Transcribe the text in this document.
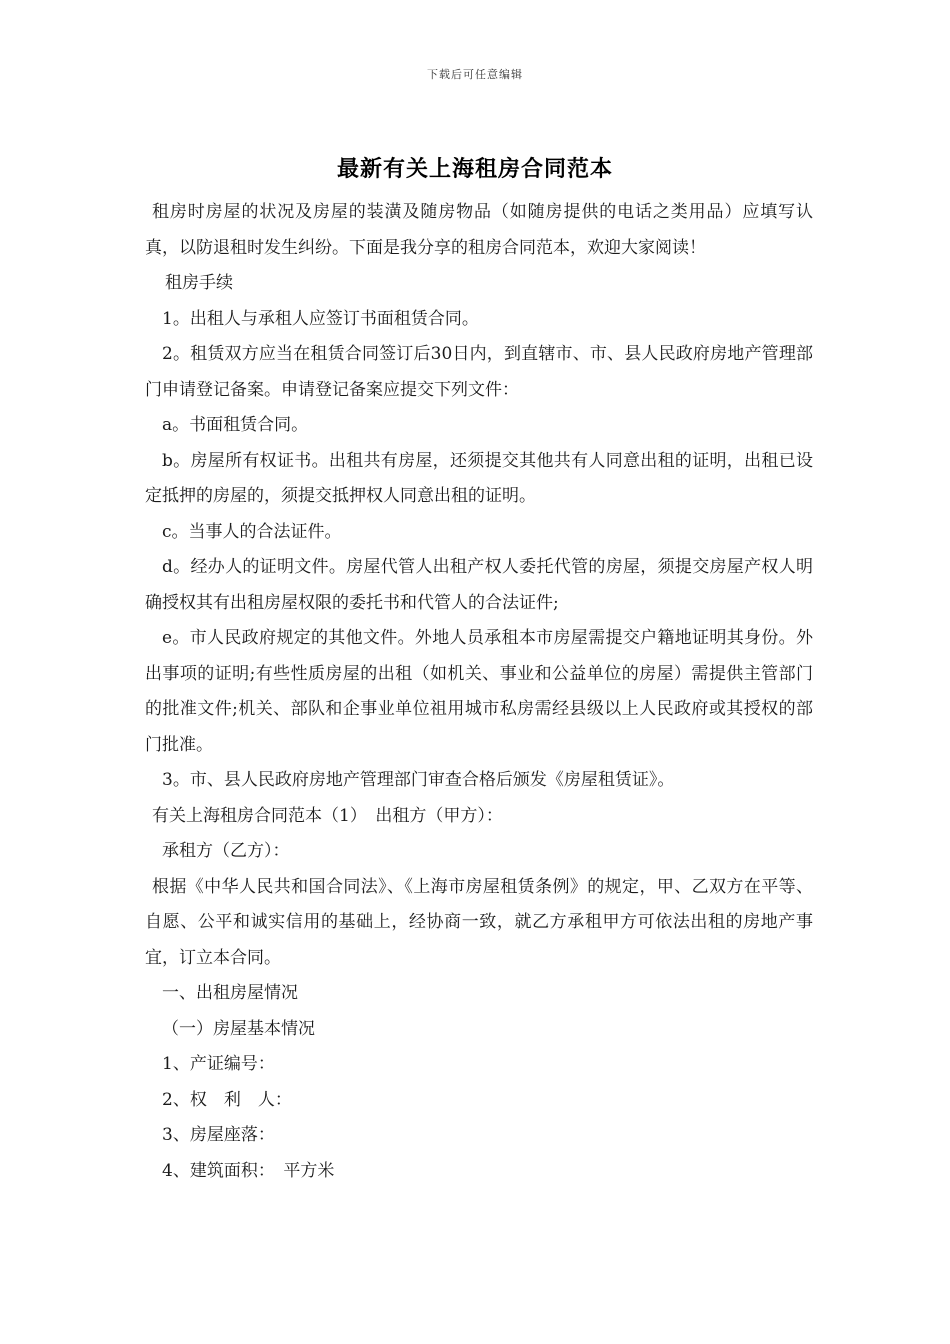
下载后可任意编辑
最新有关上海租房合同范本

租房时房屋的状况及房屋的装潢及随房物品（如随房提供的电话之类用品）应填写认真，以防退租时发生纠纷。下面是我分享的租房合同范本，欢迎大家阅读！

租房手续

1。出租人与承租人应签订书面租赁合同。

2。租赁双方应当在租赁合同签订后30日内，到直辖市、市、县人民政府房地产管理部门申请登记备案。申请登记备案应提交下列文件：

a。书面租赁合同。

b。房屋所有权证书。出租共有房屋，还须提交其他共有人同意出租的证明，出租已设定抵押的房屋的，须提交抵押权人同意出租的证明。

c。当事人的合法证件。

d。经办人的证明文件。房屋代管人出租产权人委托代管的房屋，须提交房屋产权人明确授权其有出租房屋权限的委托书和代管人的合法证件;

e。市人民政府规定的其他文件。外地人员承租本市房屋需提交户籍地证明其身份。外出事项的证明;有些性质房屋的出租（如机关、事业和公益单位的房屋）需提供主管部门的批准文件;机关、部队和企事业单位祖用城市私房需经县级以上人民政府或其授权的部门批准。

3。市、县人民政府房地产管理部门审查合格后颁发《房屋租赁证》。

有关上海租房合同范本（1）　出租方（甲方）：

承租方（乙方）：

根据《中华人民共和国合同法》、《上海市房屋租赁条例》的规定，甲、乙双方在平等、自愿、公平和诚实信用的基础上，经协商一致，就乙方承租甲方可依法出租的房地产事宜，订立本合同。

一、出租房屋情况

（一）房屋基本情况

1、产证编号：

2、权　利　人：

3、房屋座落：

4、建筑面积：　平方米
